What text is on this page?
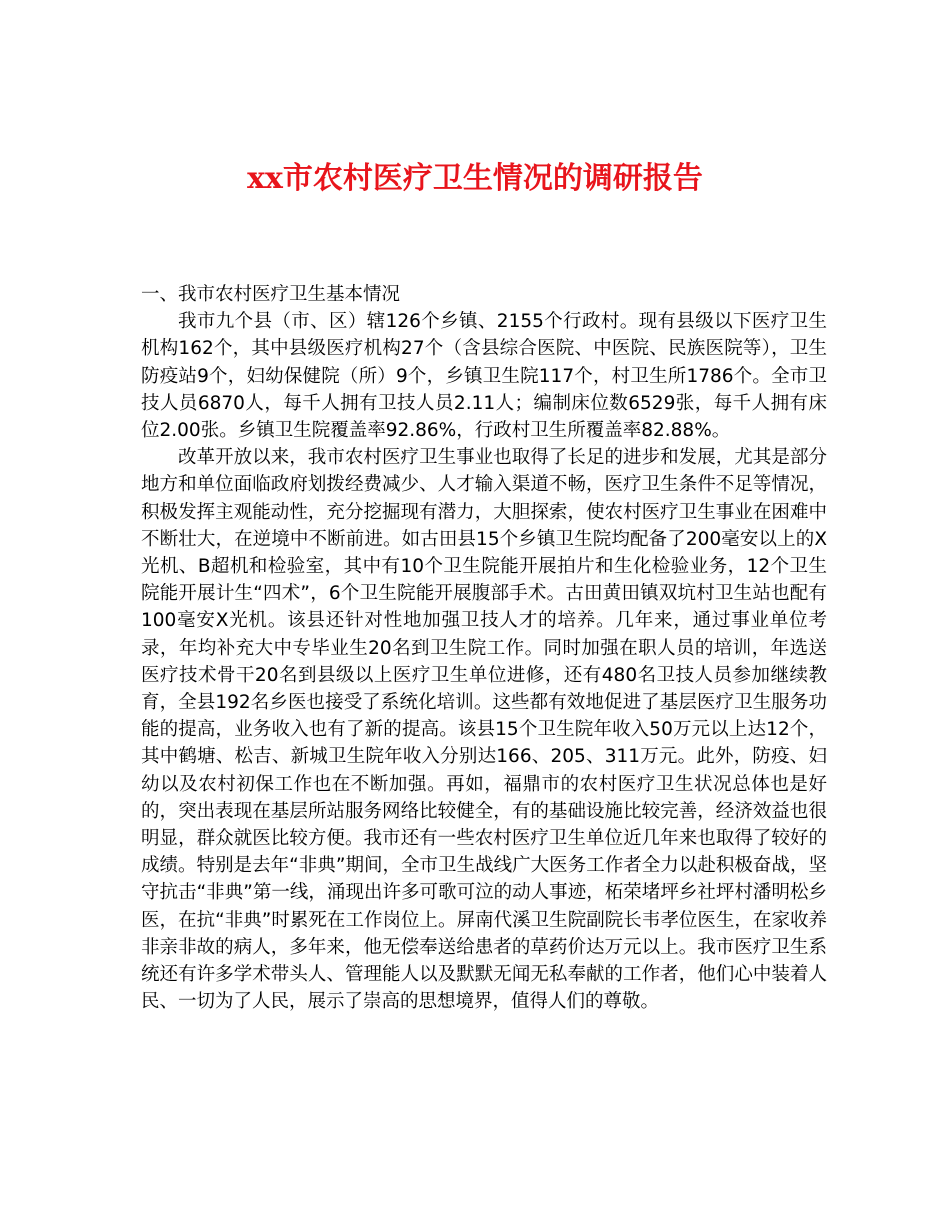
xx市农村医疗卫生情况的调研报告

一、我市农村医疗卫生基本情况

我市九个县（市、区）辖126个乡镇、2155个行政村。现有县级以下医疗卫生机构162个，其中县级医疗机构27个（含县综合医院、中医院、民族医院等），卫生防疫站9个，妇幼保健院（所）9个，乡镇卫生院117个，村卫生所1786个。全市卫技人员6870人，每千人拥有卫技人员2.11人；编制床位数6529张，每千人拥有床位2.00张。乡镇卫生院覆盖率92.86%，行政村卫生所覆盖率82.88%。

改革开放以来，我市农村医疗卫生事业也取得了长足的进步和发展，尤其是部分地方和单位面临政府划拨经费减少、人才输入渠道不畅，医疗卫生条件不足等情况，积极发挥主观能动性，充分挖掘现有潜力，大胆探索，使农村医疗卫生事业在困难中不断壮大，在逆境中不断前进。如古田县15个乡镇卫生院均配备了200毫安以上的X光机、B超机和检验室，其中有10个卫生院能开展拍片和生化检验业务，12个卫生院能开展计生“四术”，6个卫生院能开展腹部手术。古田黄田镇双坑村卫生站也配有100毫安X光机。该县还针对性地加强卫技人才的培养。几年来，通过事业单位考录，年均补充大中专毕业生20名到卫生院工作。同时加强在职人员的培训，年选送医疗技术骨干20名到县级以上医疗卫生单位进修，还有480名卫技人员参加继续教育，全县192名乡医也接受了系统化培训。这些都有效地促进了基层医疗卫生服务功能的提高，业务收入也有了新的提高。该县15个卫生院年收入50万元以上达12个，其中鹤塘、松吉、新城卫生院年收入分别达166、205、311万元。此外，防疫、妇幼以及农村初保工作也在不断加强。再如，福鼎市的农村医疗卫生状况总体也是好的，突出表现在基层所站服务网络比较健全，有的基础设施比较完善，经济效益也很明显，群众就医比较方便。我市还有一些农村医疗卫生单位近几年来也取得了较好的成绩。特别是去年“非典”期间，全市卫生战线广大医务工作者全力以赴积极奋战，坚守抗击“非典”第一线，涌现出许多可歌可泣的动人事迹，柘荣堵坪乡社坪村潘明松乡医，在抗“非典”时累死在工作岗位上。屏南代溪卫生院副院长韦孝位医生，在家收养非亲非故的病人，多年来，他无偿奉送给患者的草药价达万元以上。我市医疗卫生系统还有许多学术带头人、管理能人以及默默无闻无私奉献的工作者，他们心中装着人民、一切为了人民，展示了崇高的思想境界，值得人们的尊敬。
